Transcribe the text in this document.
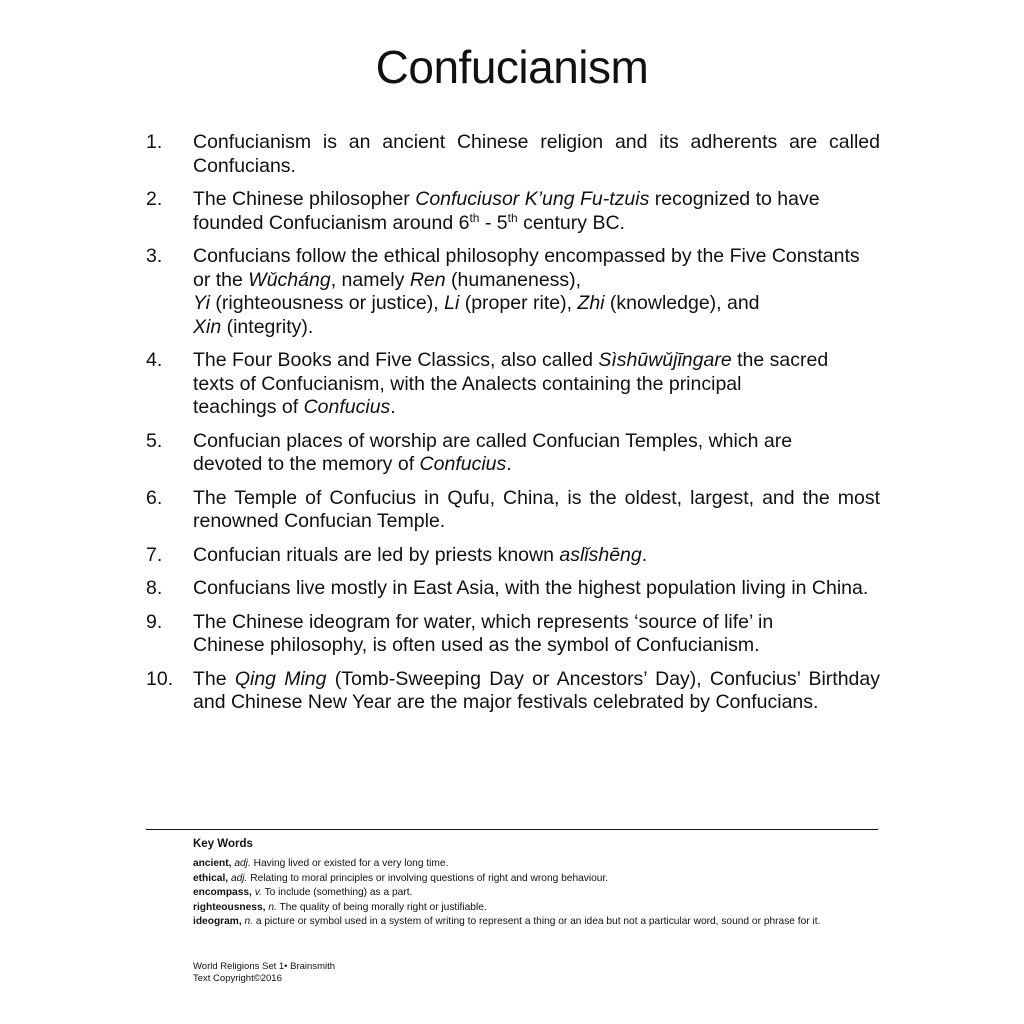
Confucianism
1. Confucianism is an ancient Chinese religion and its adherents are called Confucians.
2. The Chinese philosopher Confuciusor K’ung Fu-tzuis recognized to have founded Confucianism around 6th - 5th century BC.
3. Confucians follow the ethical philosophy encompassed by the Five Constants or the Wǔcháng, namely Ren (humaneness),
Yi (righteousness or justice), Li (proper rite), Zhi (knowledge), and
Xin (integrity).
4. The Four Books and Five Classics, also called Sìshūwǔjīngare the sacred
texts of Confucianism, with the Analects containing the principal
teachings of Confucius.
5. Confucian places of worship are called Confucian Temples, which are
devoted to the memory of Confucius.
6. The Temple of Confucius in Qufu, China, is the oldest, largest, and the most renowned Confucian Temple.
7. Confucian rituals are led by priests known aslǐshēng.
8. Confucians live mostly in East Asia, with the highest population living in China.
9. The Chinese ideogram for water, which represents ‘source of life’ in
Chinese philosophy, is often used as the symbol of Confucianism.
10. The Qing Ming (Tomb-Sweeping Day or Ancestors’ Day), Confucius’ Birthday and Chinese New Year are the major festivals celebrated by Confucians.
Key Words
ancient, adj. Having lived or existed for a very long time.
ethical, adj. Relating to moral principles or involving questions of right and wrong behaviour.
encompass, v. To include (something) as a part.
righteousness, n. The quality of being morally right or justifiable.
ideogram, n. a picture or symbol used in a system of writing to represent a thing or an idea but not a particular word, sound or phrase for it.
World Religions Set 1• Brainsmith
Text Copyright©2016
